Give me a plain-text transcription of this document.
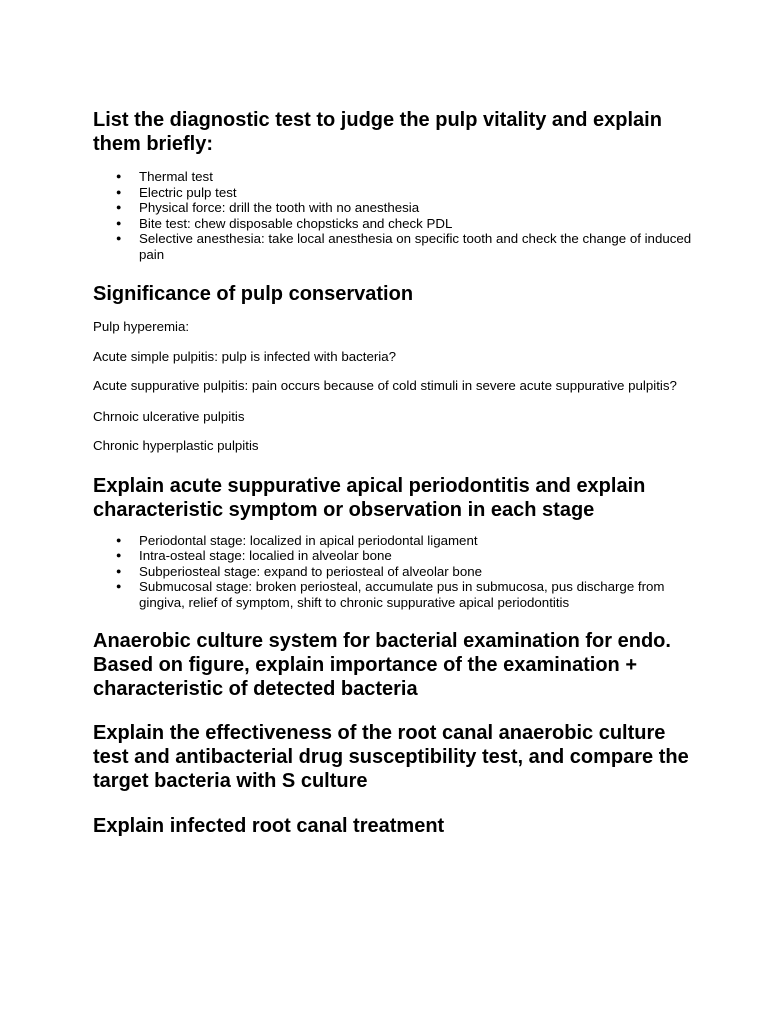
List the diagnostic test to judge the pulp vitality and explain them briefly:
● Thermal test
● Electric pulp test
● Physical force: drill the tooth with no anesthesia
● Bite test: chew disposable chopsticks and check PDL
● Selective anesthesia: take local anesthesia on specific tooth and check the change of induced pain
Significance of pulp conservation

Pulp hyperemia:

Acute simple pulpitis: pulp is infected with bacteria?

Acute suppurative pulpitis: pain occurs because of cold stimuli in severe acute suppurative pulpitis?

Chrnoic ulcerative pulpitis

Chronic hyperplastic pulpitis

Explain acute suppurative apical periodontitis and explain characteristic symptom or observation in each stage
● Periodontal stage: localized in apical periodontal ligament
● Intra-osteal stage: localied in alveolar bone
● Subperiosteal stage: expand to periosteal of alveolar bone
● Submucosal stage: broken periosteal, accumulate pus in submucosa, pus discharge from gingiva, relief of symptom, shift to chronic suppurative apical periodontitis
Anaerobic culture system for bacterial examination for endo. Based on figure, explain importance of the examination + characteristic of detected bacteria
Explain the effectiveness of the root canal anaerobic culture test and antibacterial drug susceptibility test, and compare the target bacteria with S culture
Explain infected root canal treatment
